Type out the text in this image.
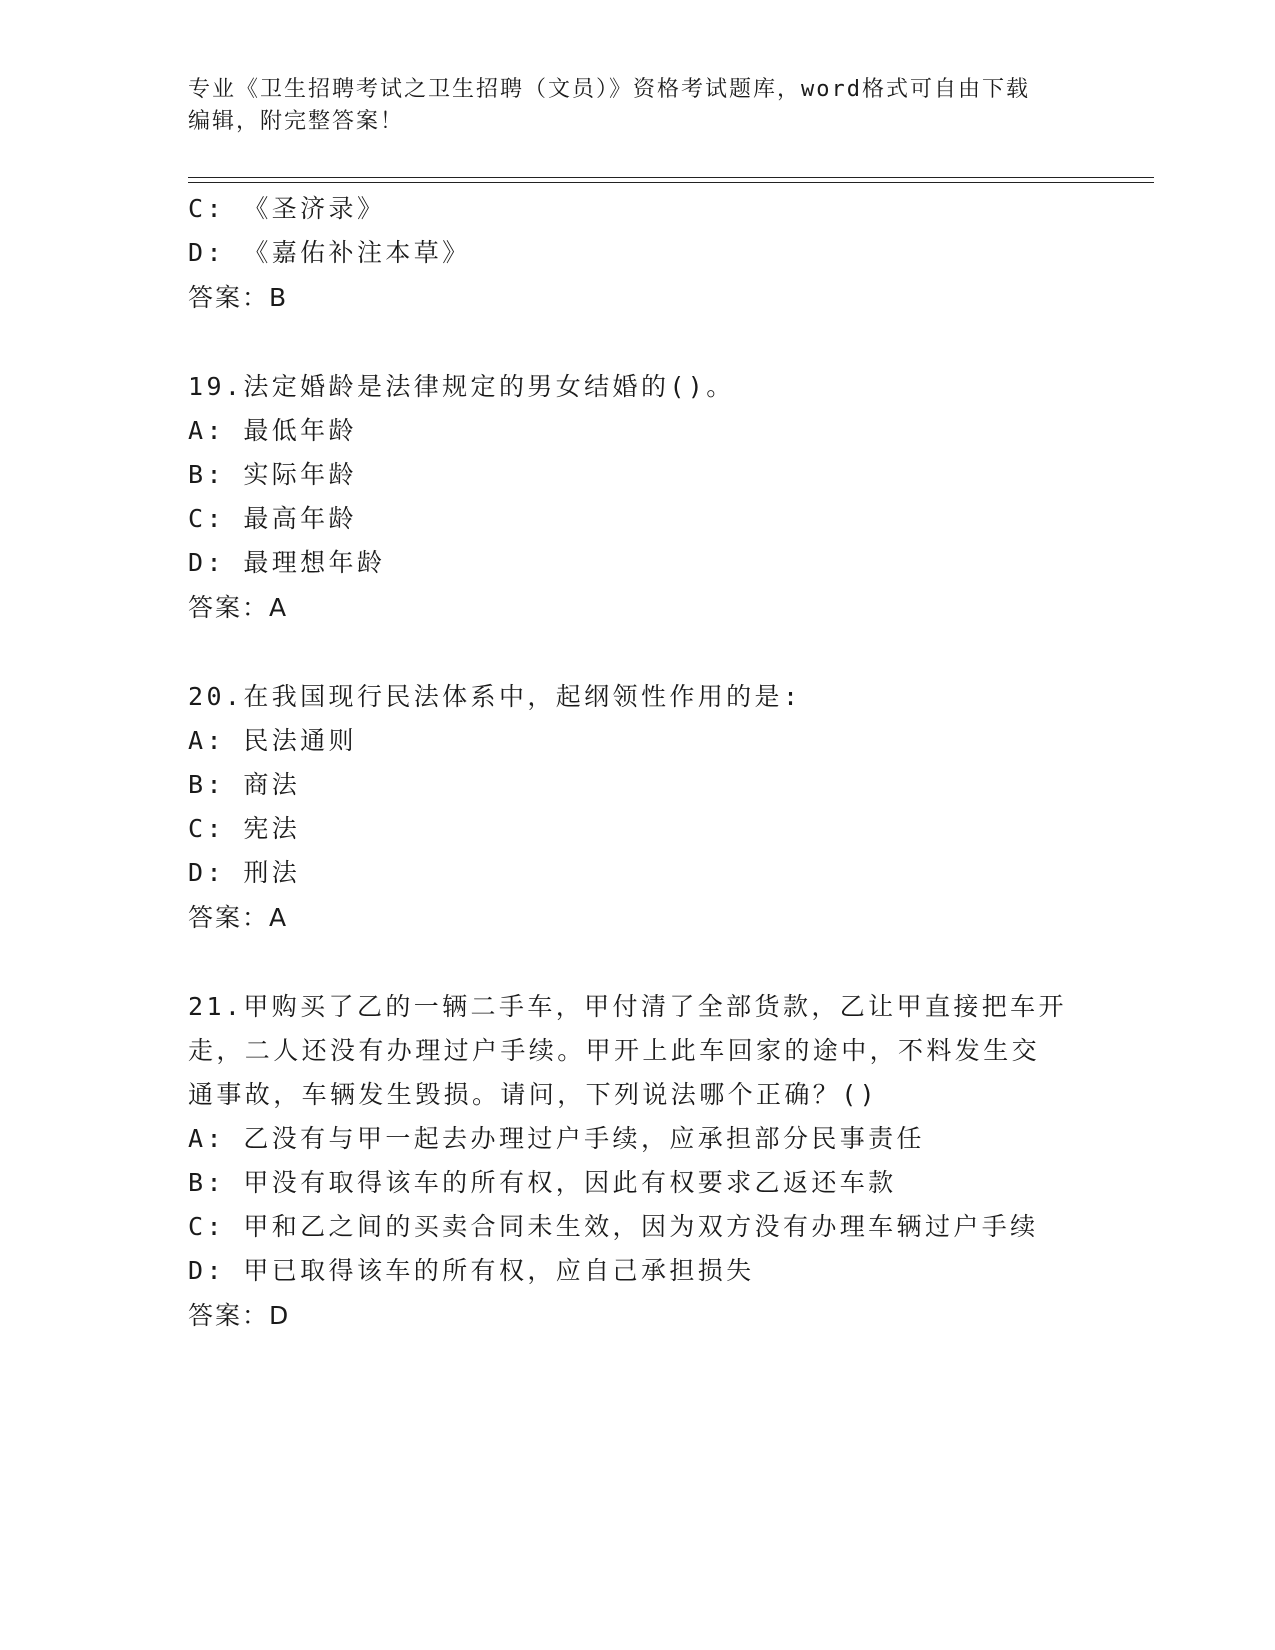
专业《卫生招聘考试之卫生招聘（文员）》资格考试题库，word格式可自由下载
编辑，附完整答案！
C: 《圣济录》
D: 《嘉佑补注本草》
答案：B
19.法定婚龄是法律规定的男女结婚的()。
A: 最低年龄
B: 实际年龄
C: 最高年龄
D: 最理想年龄
答案：A
20.在我国现行民法体系中，起纲领性作用的是:
A: 民法通则
B: 商法
C: 宪法
D: 刑法
答案：A
21.甲购买了乙的一辆二手车，甲付清了全部货款，乙让甲直接把车开
走，二人还没有办理过户手续。甲开上此车回家的途中，不料发生交
通事故，车辆发生毁损。请问，下列说法哪个正确？()
A: 乙没有与甲一起去办理过户手续，应承担部分民事责任
B: 甲没有取得该车的所有权，因此有权要求乙返还车款
C: 甲和乙之间的买卖合同未生效，因为双方没有办理车辆过户手续
D: 甲已取得该车的所有权，应自己承担损失
答案：D
